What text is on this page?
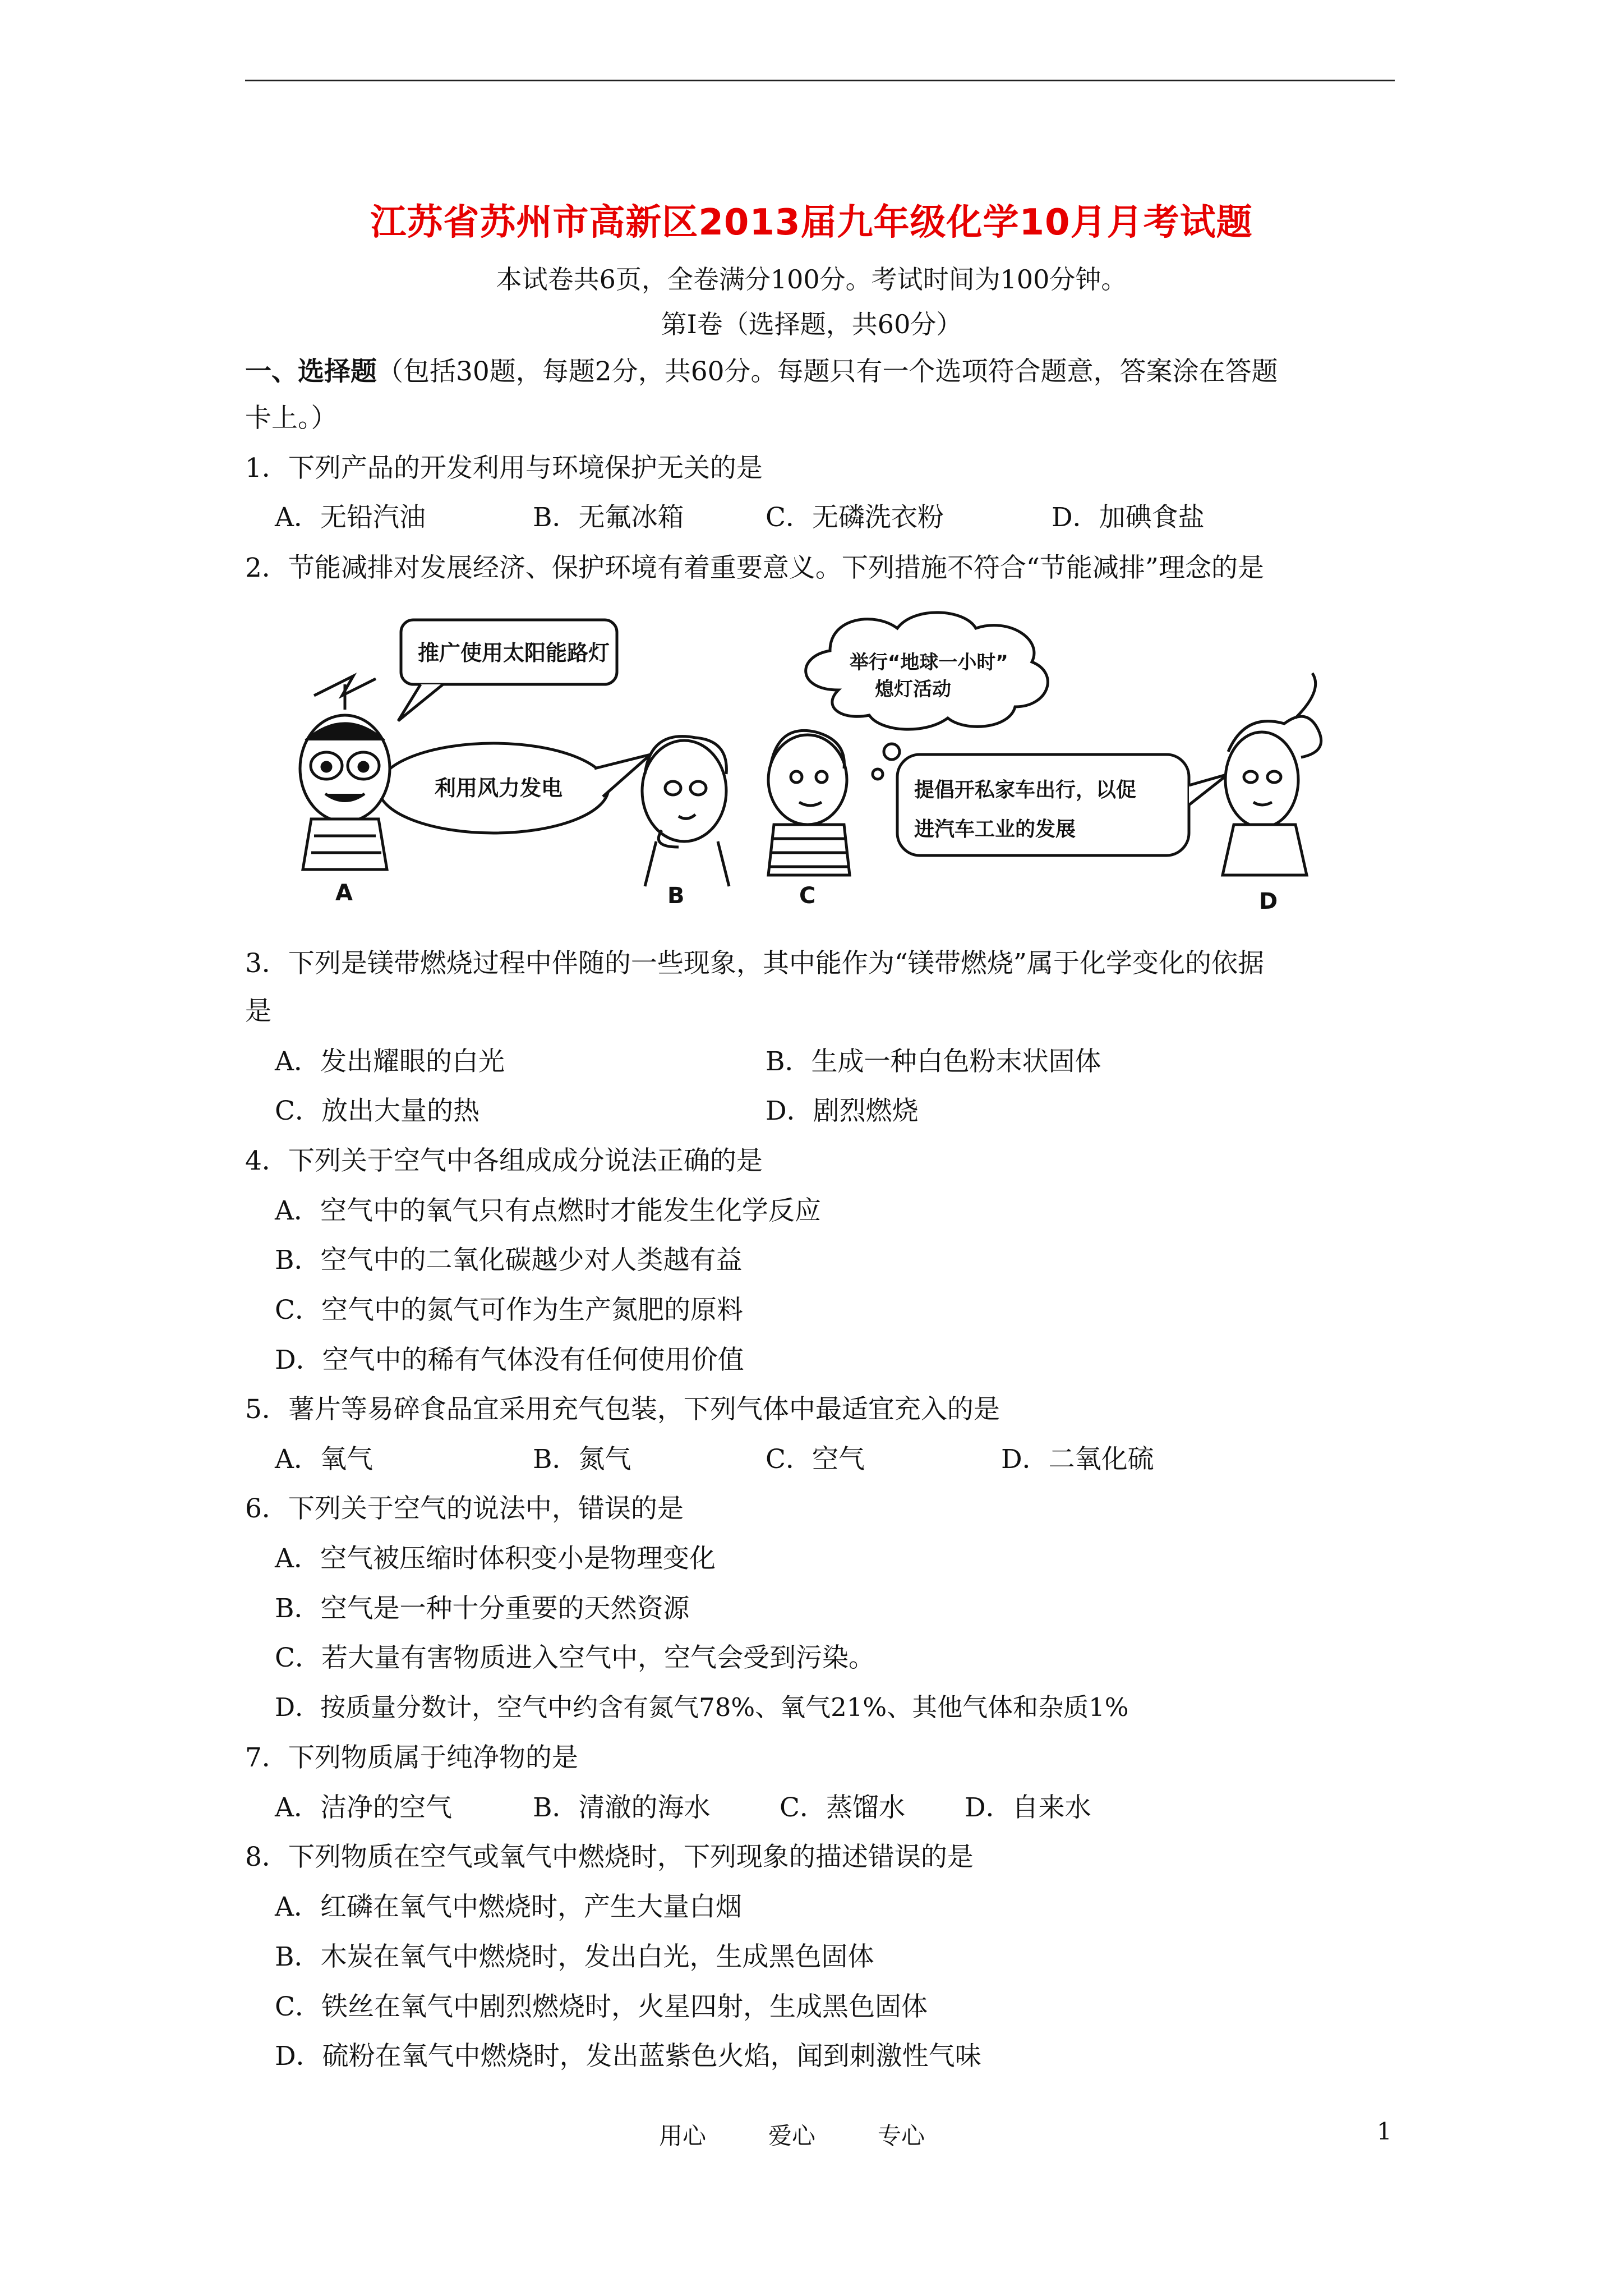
江苏省苏州市高新区2013届九年级化学10月月考试题
本试卷共6页，全卷满分100分。考试时间为100分钟。
第Ⅰ卷（选择题，共60分）
一、选择题（包括30题，每题2分，共60分。每题只有一个选项符合题意，答案涂在答题
卡上。）
1．下列产品的开发利用与环境保护无关的是
A．无铅汽油	B．无氟冰箱	C．无磷洗衣粉	D．加碘食盐
2．节能减排对发展经济、保护环境有着重要意义。下列措施不符合“节能减排”理念的是
推广使用太阳能路灯
利用风力发电
举行“地球一小时”
熄灯活动
提倡开私家车出行，以促
进汽车工业的发展
A	B	C	D
3．下列是镁带燃烧过程中伴随的一些现象，其中能作为“镁带燃烧”属于化学变化的依据
是
A．发出耀眼的白光	B．生成一种白色粉末状固体
C．放出大量的热	D．剧烈燃烧
4．下列关于空气中各组成成分说法正确的是
A．空气中的氧气只有点燃时才能发生化学反应
B．空气中的二氧化碳越少对人类越有益
C．空气中的氮气可作为生产氮肥的原料
D．空气中的稀有气体没有任何使用价值
5．薯片等易碎食品宜采用充气包装，下列气体中最适宜充入的是
A．氧气	B．氮气	C．空气	D．二氧化硫
6．下列关于空气的说法中，错误的是
A．空气被压缩时体积变小是物理变化
B．空气是一种十分重要的天然资源
C．若大量有害物质进入空气中，空气会受到污染。
D．按质量分数计，空气中约含有氮气78%、氧气21%、其他气体和杂质1%
7．下列物质属于纯净物的是
A．洁净的空气	B．清澈的海水	C．蒸馏水 D．自来水
8．下列物质在空气或氧气中燃烧时，下列现象的描述错误的是
A．红磷在氧气中燃烧时，产生大量白烟
B．木炭在氧气中燃烧时，发出白光，生成黑色固体
C．铁丝在氧气中剧烈燃烧时，火星四射，生成黑色固体
D．硫粉在氧气中燃烧时，发出蓝紫色火焰，闻到刺激性气味
用心	爱心	专心	1
